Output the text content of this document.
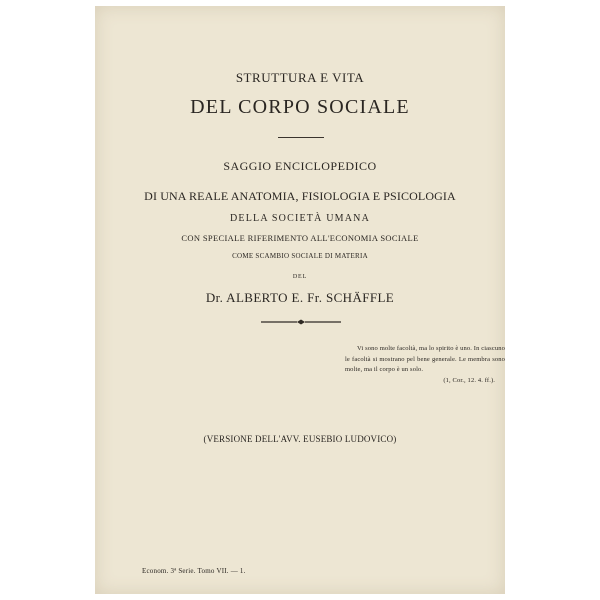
STRUTTURA E VITA
DEL CORPO SOCIALE
SAGGIO ENCICLOPEDICO
DI UNA REALE ANATOMIA, FISIOLOGIA E PSICOLOGIA
DELLA SOCIETÀ UMANA
CON SPECIALE RIFERIMENTO ALL'ECONOMIA SOCIALE
COME SCAMBIO SOCIALE DI MATERIA
DEL
Dr. ALBERTO E. Fr. SCHÄFFLE
Vi sono molte facoltà, ma lo spirito è uno. In ciascuno le facoltà si mostrano pel bene generale. Le membra sono molte, ma il corpo è un solo.
(1, Cor., 12. 4. ff.).
(VERSIONE DELL'AVV. EUSEBIO LUDOVICO)
Econom. 3ª Serie. Tomo VII. — 1.
